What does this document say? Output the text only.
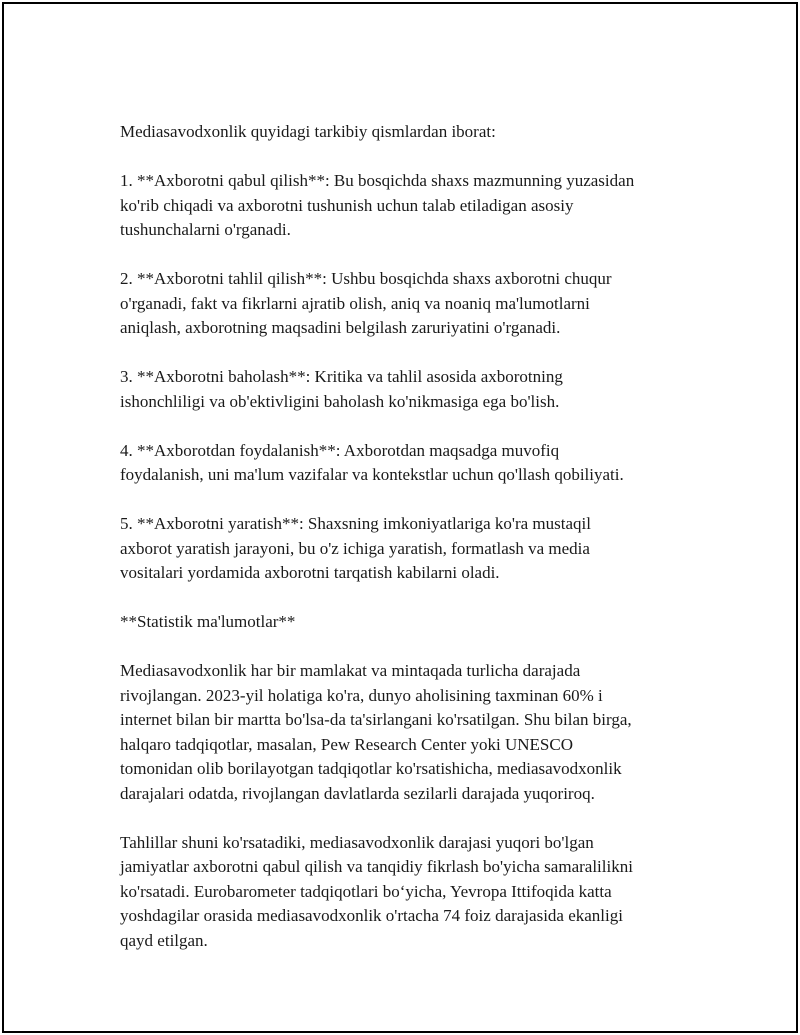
Mediasavodxonlik quyidagi tarkibiy qismlardan iborat:

1. **Axborotni qabul qilish**: Bu bosqichda shaxs mazmunning yuzasidan
ko'rib chiqadi va axborotni tushunish uchun talab etiladigan asosiy
tushunchalarni o'rganadi.

2. **Axborotni tahlil qilish**: Ushbu bosqichda shaxs axborotni chuqur
o'rganadi, fakt va fikrlarni ajratib olish, aniq va noaniq ma'lumotlarni
aniqlash, axborotning maqsadini belgilash zaruriyatini o'rganadi.

3. **Axborotni baholash**: Kritika va tahlil asosida axborotning
ishonchliligi va ob'ektivligini baholash ko'nikmasiga ega bo'lish.

4. **Axborotdan foydalanish**: Axborotdan maqsadga muvofiq
foydalanish, uni ma'lum vazifalar va kontekstlar uchun qo'llash qobiliyati.

5. **Axborotni yaratish**: Shaxsning imkoniyatlariga ko'ra mustaqil
axborot yaratish jarayoni, bu o'z ichiga yaratish, formatlash va media
vositalari yordamida axborotni tarqatish kabilarni oladi.

**Statistik ma'lumotlar**

Mediasavodxonlik har bir mamlakat va mintaqada turlicha darajada
rivojlangan. 2023-yil holatiga ko'ra, dunyo aholisining taxminan 60% i
internet bilan bir martta bo'lsa-da ta'sirlangani ko'rsatilgan. Shu bilan birga,
halqaro tadqiqotlar, masalan, Pew Research Center yoki UNESCO
tomonidan olib borilayotgan tadqiqotlar ko'rsatishicha, mediasavodxonlik
darajalari odatda, rivojlangan davlatlarda sezilarli darajada yuqoriroq.

Tahlillar shuni ko'rsatadiki, mediasavodxonlik darajasi yuqori bo'lgan
jamiyatlar axborotni qabul qilish va tanqidiy fikrlash bo'yicha samaralilikni
ko'rsatadi. Eurobarometer tadqiqotlari bo‘yicha, Yevropa Ittifoqida katta
yoshdagilar orasida mediasavodxonlik o'rtacha 74 foiz darajasida ekanligi
qayd etilgan.
